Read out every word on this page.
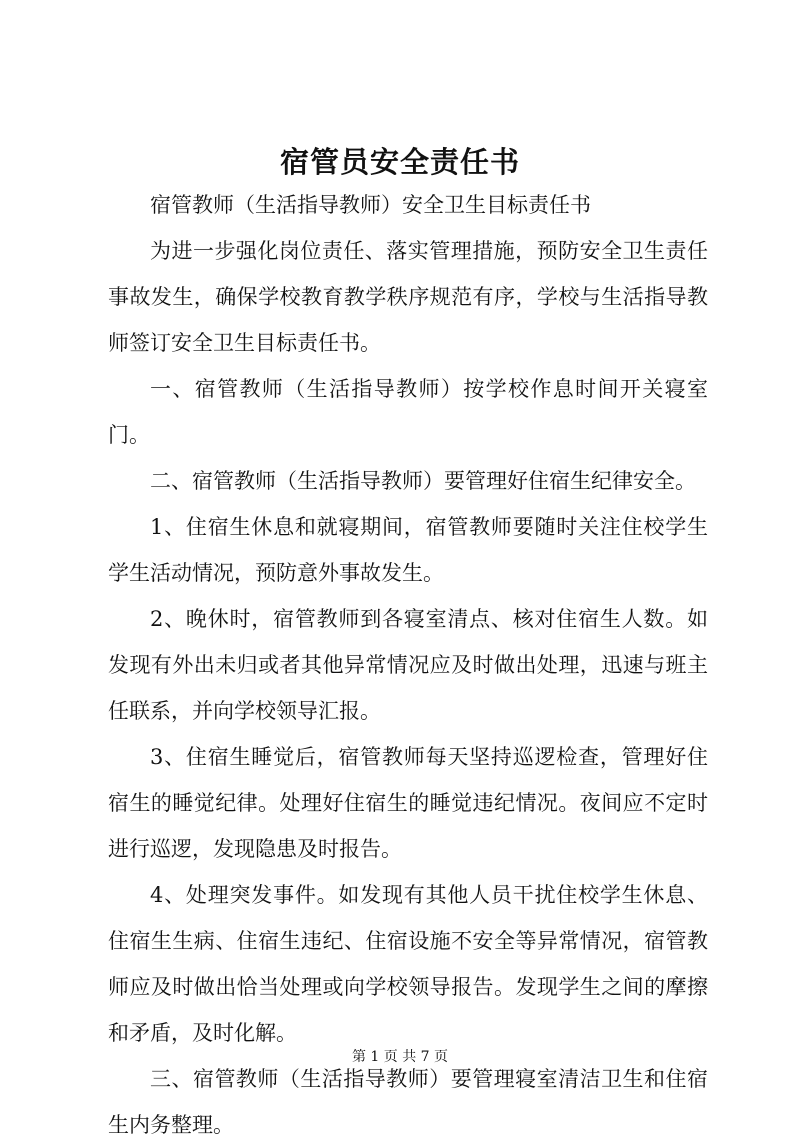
宿管员安全责任书

宿管教师（生活指导教师）安全卫生目标责任书

为进一步强化岗位责任、落实管理措施，预防安全卫生责任事故发生，确保学校教育教学秩序规范有序，学校与生活指导教师签订安全卫生目标责任书。

一、宿管教师（生活指导教师）按学校作息时间开关寝室门。

二、宿管教师（生活指导教师）要管理好住宿生纪律安全。

1、住宿生休息和就寝期间，宿管教师要随时关注住校学生学生活动情况，预防意外事故发生。

2、晚休时，宿管教师到各寝室清点、核对住宿生人数。如发现有外出未归或者其他异常情况应及时做出处理，迅速与班主任联系，并向学校领导汇报。

3、住宿生睡觉后，宿管教师每天坚持巡逻检查，管理好住宿生的睡觉纪律。处理好住宿生的睡觉违纪情况。夜间应不定时进行巡逻，发现隐患及时报告。

4、处理突发事件。如发现有其他人员干扰住校学生休息、住宿生生病、住宿生违纪、住宿设施不安全等异常情况，宿管教师应及时做出恰当处理或向学校领导报告。发现学生之间的摩擦和矛盾，及时化解。

三、宿管教师（生活指导教师）要管理寝室清洁卫生和住宿生内务整理。

第 1 页 共 7 页
